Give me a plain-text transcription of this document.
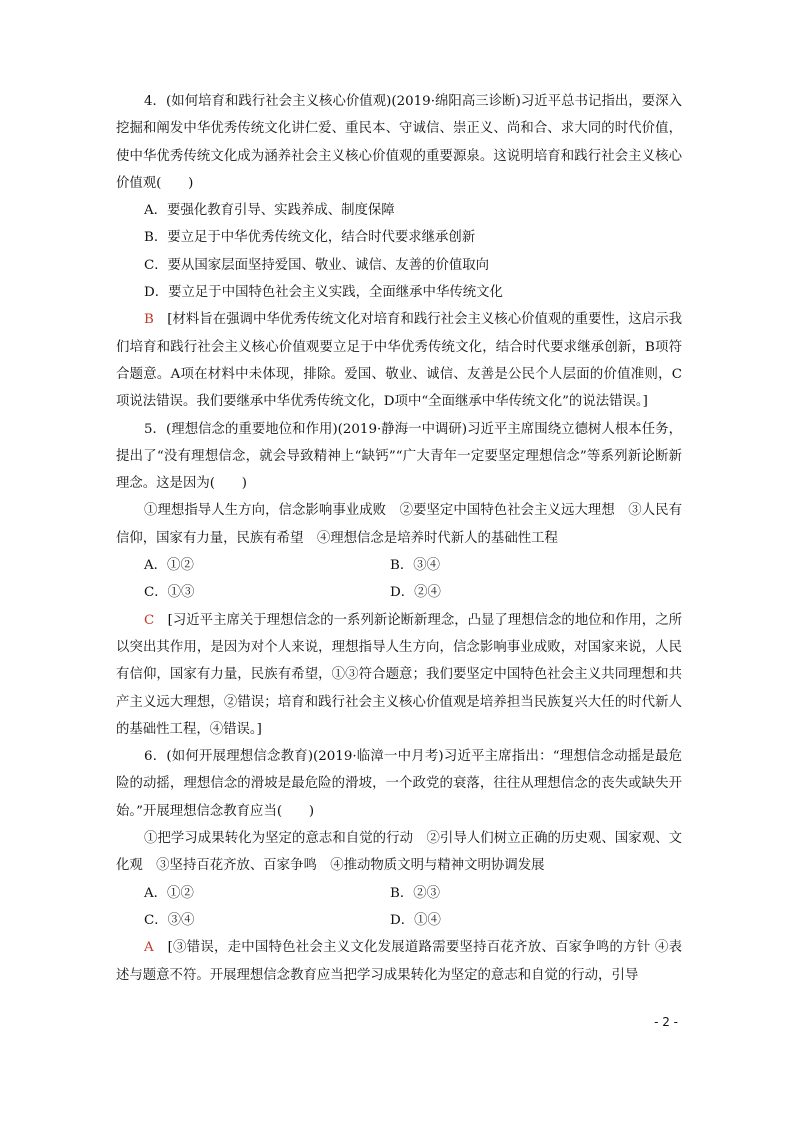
4．(如何培育和践行社会主义核心价值观)(2019·绵阳高三诊断)习近平总书记指出，要深入挖掘和阐发中华优秀传统文化讲仁爱、重民本、守诚信、崇正义、尚和合、求大同的时代价值，使中华优秀传统文化成为涵养社会主义核心价值观的重要源泉。这说明培育和践行社会主义核心价值观(　　)

A．要强化教育引导、实践养成、制度保障

B．要立足于中华优秀传统文化，结合时代要求继承创新

C．要从国家层面坚持爱国、敬业、诚信、友善的价值取向

D．要立足于中国特色社会主义实践，全面继承中华传统文化

B　 [材料旨在强调中华优秀传统文化对培育和践行社会主义核心价值观的重要性，这启示我们培育和践行社会主义核心价值观要立足于中华优秀传统文化，结合时代要求继承创新，B项符合题意。A项在材料中未体现，排除。爱国、敬业、诚信、友善是公民个人层面的价值准则，C项说法错误。我们要继承中华优秀传统文化，D项中“全面继承中华传统文化”的说法错误。]

5．(理想信念的重要地位和作用)(2019·静海一中调研)习近平主席围绕立德树人根本任务，提出了“没有理想信念，就会导致精神上“缺钙”“广大青年一定要坚定理想信念”等系列新论断新理念。这是因为(　　)

①理想指导人生方向，信念影响事业成败　②要坚定中国特色社会主义远大理想　③人民有信仰，国家有力量，民族有希望　④理想信念是培养时代新人的基础性工程

A．①②	B．③④
C．①③	D．②④

C　 [习近平主席关于理想信念的一系列新论断新理念，凸显了理想信念的地位和作用，之所以突出其作用，是因为对个人来说，理想指导人生方向，信念影响事业成败，对国家来说，人民有信仰，国家有力量，民族有希望，①③符合题意；我们要坚定中国特色社会主义共同理想和共产主义远大理想，②错误；培育和践行社会主义核心价值观是培养担当民族复兴大任的时代新人的基础性工程，④错误。]

6．(如何开展理想信念教育)(2019·临漳一中月考)习近平主席指出：“理想信念动摇是最危险的动摇，理想信念的滑坡是最危险的滑坡，一个政党的衰落，往往从理想信念的丧失或缺失开始。”开展理想信念教育应当(　　)

①把学习成果转化为坚定的意志和自觉的行动　②引导人们树立正确的历史观、国家观、文化观　③坚持百花齐放、百家争鸣　④推动物质文明与精神文明协调发展

A．①②	B．②③
C．③④	D．①④

A　 [③错误，走中国特色社会主义文化发展道路需要坚持百花齐放、百家争鸣的方针 ④表述与题意不符。开展理想信念教育应当把学习成果转化为坚定的意志和自觉的行动，引导

- 2 -
